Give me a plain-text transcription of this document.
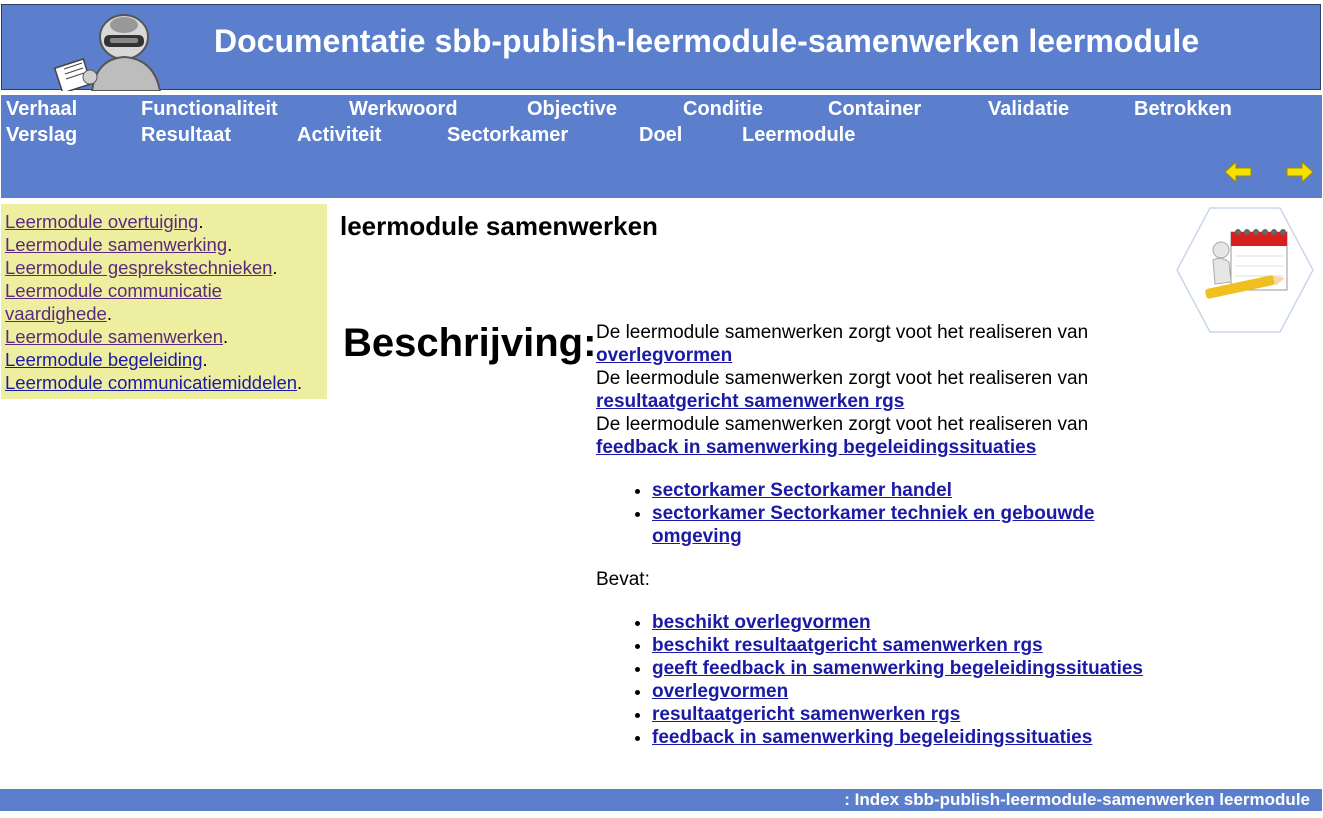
Documentatie sbb-publish-leermodule-samenwerken leermodule
Verhaal	Functionaliteit	Werkwoord	Objective	Conditie	Container	Validatie	Betrokken
Verslag	Resultaat	Activiteit	Sectorkamer	Doel	Leermodule
Leermodule overtuiging.
Leermodule samenwerking.
Leermodule gesprekstechnieken.
Leermodule communicatie vaardighede.
Leermodule samenwerken.
Leermodule begeleiding.
Leermodule communicatiemiddelen.
leermodule samenwerken
Beschrijving: De leermodule samenwerken zorgt voot het realiseren van
overlegvormen
De leermodule samenwerken zorgt voot het realiseren van
resultaatgericht samenwerken rgs
De leermodule samenwerken zorgt voot het realiseren van
feedback in samenwerking begeleidingssituaties
• sectorkamer Sectorkamer handel
• sectorkamer Sectorkamer techniek en gebouwde omgeving
Bevat:
• beschikt overlegvormen
• beschikt resultaatgericht samenwerken rgs
• geeft feedback in samenwerking begeleidingssituaties
• overlegvormen
• resultaatgericht samenwerken rgs
• feedback in samenwerking begeleidingssituaties
: Index sbb-publish-leermodule-samenwerken leermodule
